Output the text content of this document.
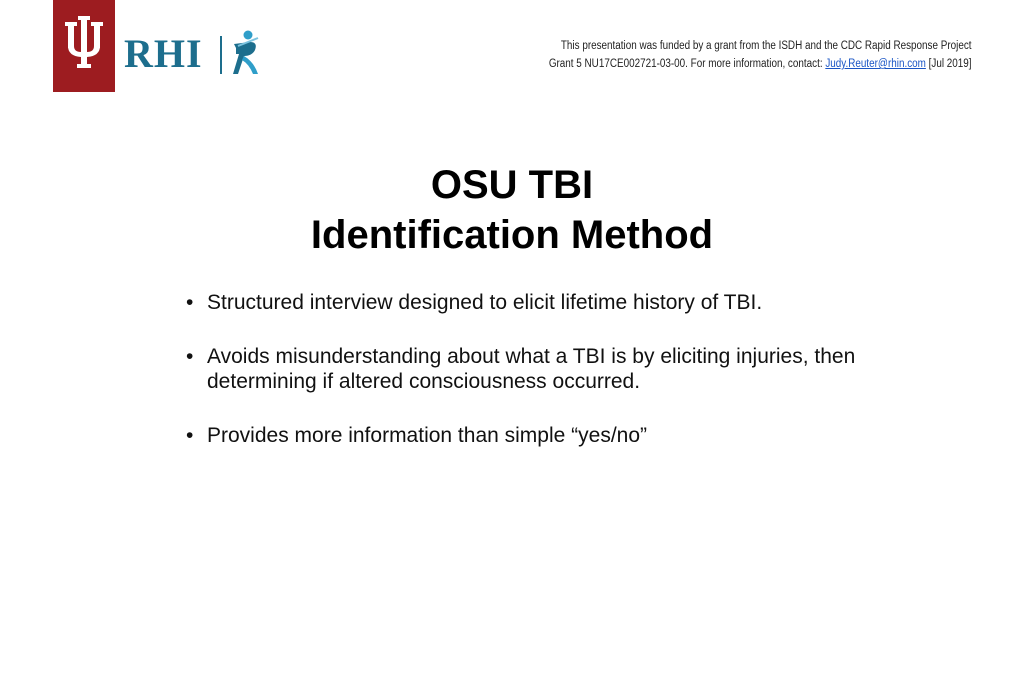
RHI	This presentation was funded by a grant from the ISDH and the CDC Rapid Response Project
Grant 5 NU17CE002721-03-00. For more information, contact: Judy.Reuter@rhin.com [Jul 2019]
OSU TBI
Identification Method
• Structured interview designed to elicit lifetime history of TBI.
• Avoids misunderstanding about what a TBI is by eliciting injuries, then determining if altered consciousness occurred.
• Provides more information than simple “yes/no”
